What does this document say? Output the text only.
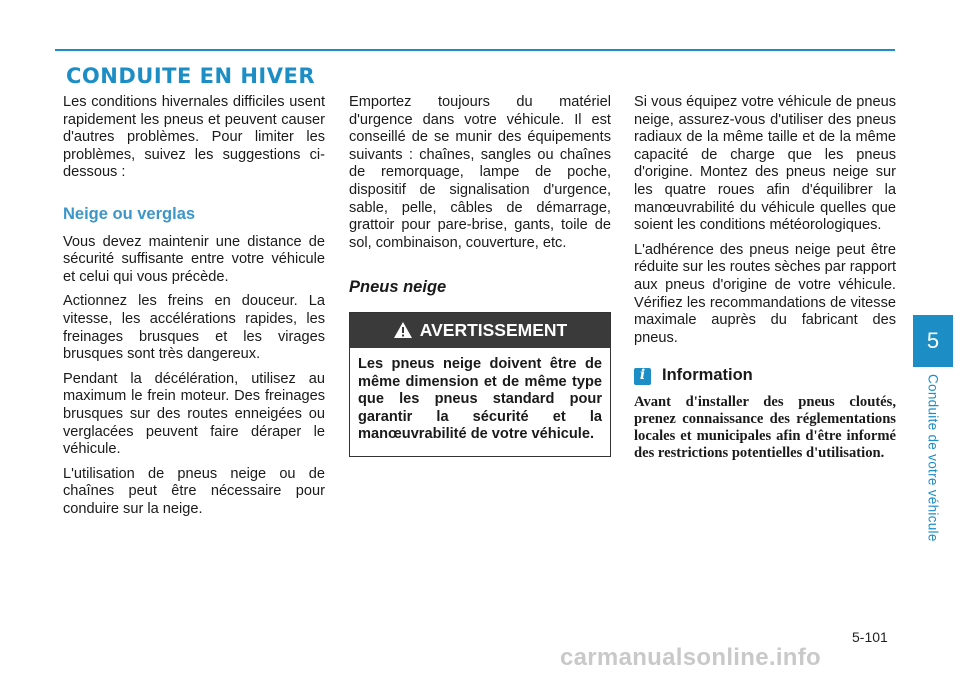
CONDUITE EN HIVER

Les conditions hivernales difficiles usent rapidement les pneus et peuvent causer d'autres problèmes. Pour limiter les problèmes, suivez les suggestions ci-dessous :

Neige ou verglas

Vous devez maintenir une distance de sécurité suffisante entre votre véhicule et celui qui vous précède.

Actionnez les freins en douceur. La vitesse, les accélérations rapides, les freinages brusques et les virages brusques sont très dangereux.

Pendant la décélération, utilisez au maximum le frein moteur. Des freinages brusques sur des routes enneigées ou verglacées peuvent faire déraper le véhicule.

L'utilisation de pneus neige ou de chaînes peut être nécessaire pour conduire sur la neige.

Emportez toujours du matériel d'urgence dans votre véhicule. Il est conseillé de se munir des équipements suivants : chaînes, sangles ou chaînes de remorquage, lampe de poche, dispositif de signalisation d'urgence, sable, pelle, câbles de démarrage, grattoir pour pare-brise, gants, toile de sol, combinaison, couverture, etc.

Pneus neige
AVERTISSEMENT
Les pneus neige doivent être de même dimension et de même type que les pneus standard pour garantir la sécurité et la manœuvrabilité de votre véhicule.

Si vous équipez votre véhicule de pneus neige, assurez-vous d'utiliser des pneus radiaux de la même taille et de la même capacité de charge que les pneus d'origine. Montez des pneus neige sur les quatre roues afin d'équilibrer la manœuvrabilité du véhicule quelles que soient les conditions météorologiques.

L'adhérence des pneus neige peut être réduite sur les routes sèches par rapport aux pneus d'origine de votre véhicule. Vérifiez les recommandations de vitesse maximale auprès du fabricant des pneus.

i	Information

Avant d'installer des pneus cloutés, prenez connaissance des réglementations locales et municipales afin d'être informé des restrictions potentielles d'utilisation.

5
Conduite de votre véhicule
5-101
carmanualsonline.info
